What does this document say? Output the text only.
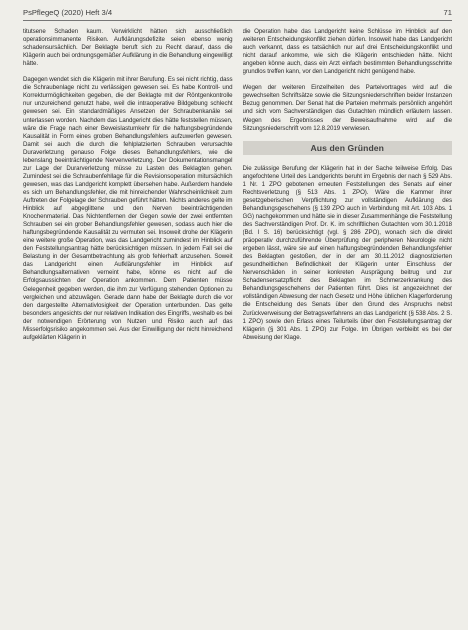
PsPflegeQ (2020) Heft 3/4	71

titutsene Schaden kaum. Verwirklicht hätten sich ausschließlich operationsimmanente Risiken. Aufklärungsdefizite seien ebenso wenig schadensursächlich. Der Beklagte beruft sich zu Recht darauf, dass die Klägerin auch bei ordnungsgemäßer Aufklärung in die Behandlung eingewilligt hätte.

Dagegen wendet sich die Klägerin mit ihrer Berufung. Es sei nicht richtig, dass die Schraubenlage nicht zu verlässigen gewesen sei. Es habe Kontroll- und Korrekturmöglichkeiten gegeben, die der Beklagte mit der Röntgenkontrolle nur unzureichend genutzt habe, weil die intraoperative Bildgebung schlecht gewesen sei. Ein standardmäßiges Ansetzen der Schraubenkanäle sei unterlassen worden. Nachdem das Landgericht dies hätte feststellen müssen, wäre die Frage nach einer Beweislastumkehr für die haftungsbegründende Kausalität in Form eines groben Behandlungsfehlers aufzuwerfen gewesen. Damit sei auch die durch die fehlplatzierten Schrauben verursachte Duraverletzung genauso Folge dieses Behandlungsfehlers, wie die lebenslang beeinträchtigende Nervenverletzung. Der Dokumentationsmangel zur Lage der Durarverletzung müsse zu Lasten des Beklagten gehen. Zumindest sei die Schraubenfehllage für die Revisionsoperation mitursächlich gewesen, was das Landgericht komplett übersehen habe. Außerdem handele es sich um Behandlungsfehler, die mit hinreichender Wahrscheinlichkeit zum Auftreten der Folgelage der Schrauben geführt hätten. Nichts anderes gelte im Hinblick auf abgeglittene und den Nerven beeinträchtigenden Knochenmaterial. Das Nichtentfernen der Gegen sowie der zwei entfernten Schrauben sei ein grober Behandlungsfehler gewesen, sodass auch hier die haftungsbegründende Kausalität zu vermuten sei. Insoweit drohe der Klägerin eine weitere große Operation, was das Landgericht zumindest im Hinblick auf den Feststellungsantrag hätte berücksichtigen müssen. In jedem Fall sei die Belastung in der Gesamtbetrachtung als grob fehlerhaft anzusehen. Soweit das Landgericht einen Aufklärungsfehler im Hinblick auf Behandlungsalternativen verneint habe, könne es nicht auf die Erfolgsaussichten der Operation ankommen. Dem Patienten müsse Gelegenheit gegeben werden, die ihm zur Verfügung stehenden Optionen zu vergleichen und abzuwägen. Gerade dann habe der Beklagte durch die vor den dargestellte Alternativlosigkeit der Operation unterbunden. Das gelte besonders angesichts der nur relativen Indikation des Eingriffs, weshalb es bei der notwendigen Erörterung von Nutzen und Risiko auch auf das Misserfolgsrisiko angekommen sei. Aus der Einwilligung der nicht hinreichend aufgeklärten Klägerin in

die Operation habe das Landgericht keine Schlüsse im Hinblick auf den weiteren Entscheidungskonflikt ziehen dürfen. Insoweit habe das Landgericht auch verkannt, dass es tatsächlich nur auf drei Entscheidungskonflikt und nicht darauf ankomme, wie sich die Klägerin entschieden hätte. Nicht angeben könne auch, dass ein Arzt einfach bestimmten Behandlungsschritte grundlos treffen kann, vor den Landgericht nicht genügend habe.

Wegen der weiteren Einzelheiten des Parteivortrages wird auf die gewechselten Schriftsätze sowie die Sitzungsniederschriften beider Instanzen Bezug genommen. Der Senat hat die Parteien mehrmals persönlich angehört und sich vom Sachverständigen das Gutachten mündlich erläutern lassen. Wegen des Ergebnisses der Beweisaufnahme wird auf die Sitzungsniederschrift vom 12.8.2019 verwiesen.

Aus den Gründen

Die zulässige Berufung der Klägerin hat in der Sache teilweise Erfolg. Das angefochtene Urteil des Landgerichts beruht im Ergebnis der nach § 529 Abs. 1 Nr. 1 ZPO gebotenen erneuten Feststellungen des Senats auf einer Rechtsverletzung (§ 513 Abs. 1 ZPO). Wäre die Kammer ihrer gesetzgeberischen Verpflichtung zur vollständigen Aufklärung des Behandlungsgeschehens (§ 139 ZPO auch in Verbindung mit Art. 103 Abs. 1 GG) nachgekommen und hätte sie in dieser Zusammenhänge die Feststellung des Sachverständigen Prof. Dr. K. im schriftlichen Gutachten vom 30.1.2018 (Bd. I S. 16) berücksichtigt (vgl. § 286 ZPO), wonach sich die direkt präoperativ durchzuführende Überprüfung der peripheren Neurologie nicht ergeben lässt, wäre sie auf einen haftungsbegründenden Behandlungsfehler des Beklagten gestoßen, der in der am 30.11.2012 diagnostizierten gesundheitlichen Befindlichkeit der Klägerin unter Einschluss der Nervenschäden in seiner konkreten Ausprägung beitrug und zur Schadensersatzpflicht des Beklagten im Schmerzerkrankung des Behandlungsgeschehens der Patienten führt. Dies ist angezeichnet der vollständigen Abwesung der nach Gesetz und Höhe üblichen Klagerforderung die Entscheidung des Senats über den Grund des Anspruchs nebst Zurückverweisung der Betragsverfahrens an das Landgericht (§ 538 Abs. 2 S. 1 ZPO) sowie den Erlass eines Teilurteils über den Feststellungsantrag der Klägerin (§ 301 Abs. 1 ZPO) zur Folge. Im Übrigen verbleibt es bei der Abweisung der Klage.
